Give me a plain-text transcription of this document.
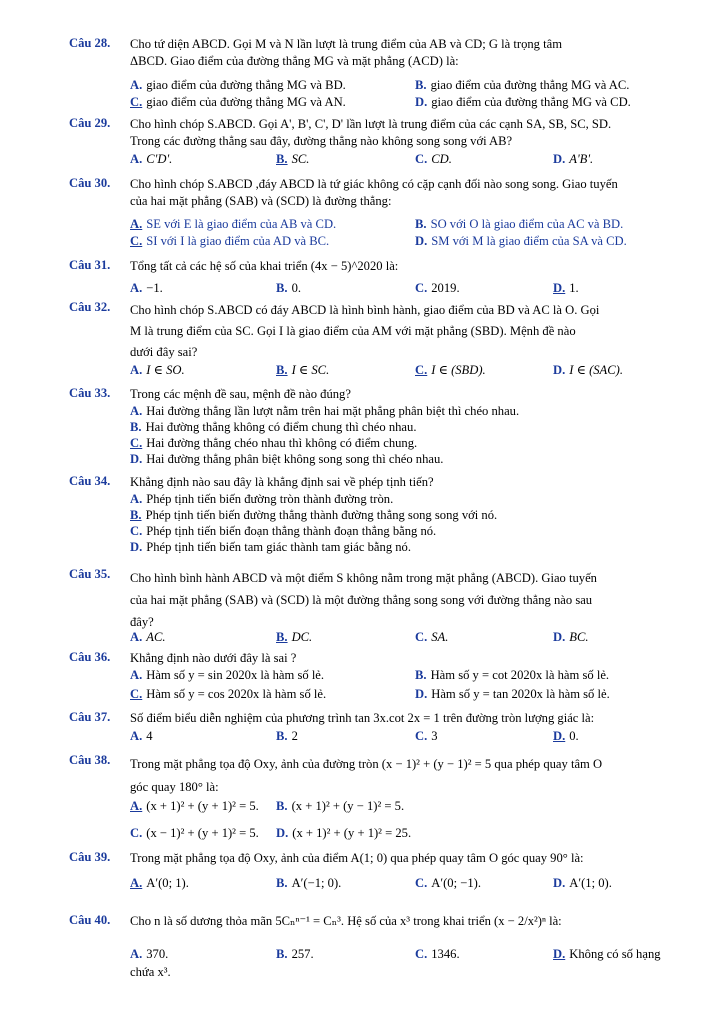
Câu 28. Cho tứ diện ABCD. Gọi M và N lần lượt là trung điểm của AB và CD; G là trọng tâm
ΔBCD. Giao điểm của đường thẳng MG và mặt phẳng (ACD) là:
A. giao điểm của đường thẳng MG và BD.	B. giao điểm của đường thẳng MG và AC.
C. giao điểm của đường thẳng MG và AN.	D. giao điểm của đường thẳng MG và CD.
Câu 29. Cho hình chóp S.ABCD. Gọi A', B', C', D' lần lượt là trung điểm của các cạnh SA, SB, SC, SD.
Trong các đường thẳng sau đây, đường thẳng nào không song song với AB?
A. C'D'.	B. SC.	C. CD.	D. A'B'.
Câu 30. Cho hình chóp S.ABCD ,đáy ABCD là tứ giác không có cặp cạnh đối nào song song. Giao tuyến
của hai mặt phẳng (SAB) và (SCD) là đường thẳng:
A. SE với E là giao điểm của AB và CD.	B. SO với O là giao điểm của AC và BD.
C. SI với I là giao điểm của AD và BC.	D. SM với M là giao điểm của SA và CD.
Câu 31. Tổng tất cả các hệ số của khai triển (4x − 5)^2020 là:
A. −1.	B. 0.	C. 2019.	D. 1.
Câu 32. Cho hình chóp S.ABCD có đáy ABCD là hình bình hành, giao điểm của BD và AC là O. Gọi
M là trung điểm của SC. Gọi I là giao điểm của AM với mặt phẳng (SBD). Mệnh đề nào
dưới đây sai?
A. I ∈ SO.	B. I ∈ SC.	C. I ∈ (SBD).	D. I ∈ (SAC).
Câu 33. Trong các mệnh đề sau, mệnh đề nào đúng?
A. Hai đường thẳng lần lượt nằm trên hai mặt phẳng phân biệt thì chéo nhau.
B. Hai đường thẳng không có điểm chung thì chéo nhau.
C. Hai đường thẳng chéo nhau thì không có điểm chung.
D. Hai đường thẳng phân biệt không song song thì chéo nhau.
Câu 34. Khẳng định nào sau đây là khẳng định sai về phép tịnh tiến?
A. Phép tịnh tiến biến đường tròn thành đường tròn.
B. Phép tịnh tiến biến đường thẳng thành đường thẳng song song với nó.
C. Phép tịnh tiến biến đoạn thẳng thành đoạn thẳng bằng nó.
D. Phép tịnh tiến biến tam giác thành tam giác bằng nó.
Câu 35. Cho hình bình hành ABCD và một điểm S không nằm trong mặt phẳng (ABCD). Giao tuyến
của hai mặt phẳng (SAB) và (SCD) là một đường thẳng song song với đường thẳng nào sau
đây?
A. AC.	B. DC.	C. SA.	D. BC.
Câu 36. Khẳng định nào dưới đây là sai ?
A. Hàm số y = sin 2020x là hàm số lẻ.	B. Hàm số y = cot 2020x là hàm số lẻ.
C. Hàm số y = cos 2020x là hàm số lẻ.	D. Hàm số y = tan 2020x là hàm số lẻ.
Câu 37. Số điểm biểu diễn nghiệm của phương trình tan 3x.cot 2x = 1 trên đường tròn lượng giác là:
A. 4	B. 2	C. 3	D. 0.
Câu 38. Trong mặt phẳng tọa độ Oxy, ảnh của đường tròn (x − 1)² + (y − 1)² = 5 qua phép quay tâm O
góc quay 180° là:
A. (x + 1)² + (y + 1)² = 5. B. (x + 1)² + (y − 1)² = 5.
C. (x − 1)² + (y + 1)² = 5. D. (x + 1)² + (y + 1)² = 25.
Câu 39. Trong mặt phẳng tọa độ Oxy, ảnh của điểm A(1; 0) qua phép quay tâm O góc quay 90° là:
A. A′(0; 1).	B. A′(−1; 0).	C. A′(0; −1).	D. A′(1; 0).
Câu 40. Cho n là số dương thỏa mãn 5Cₙⁿ⁻¹ = Cₙ³. Hệ số của x³ trong khai triển (x − 2/x²)ⁿ là:
A. 370.	B. 257.	C. 1346.	D. Không có số hạng
chứa x³.
